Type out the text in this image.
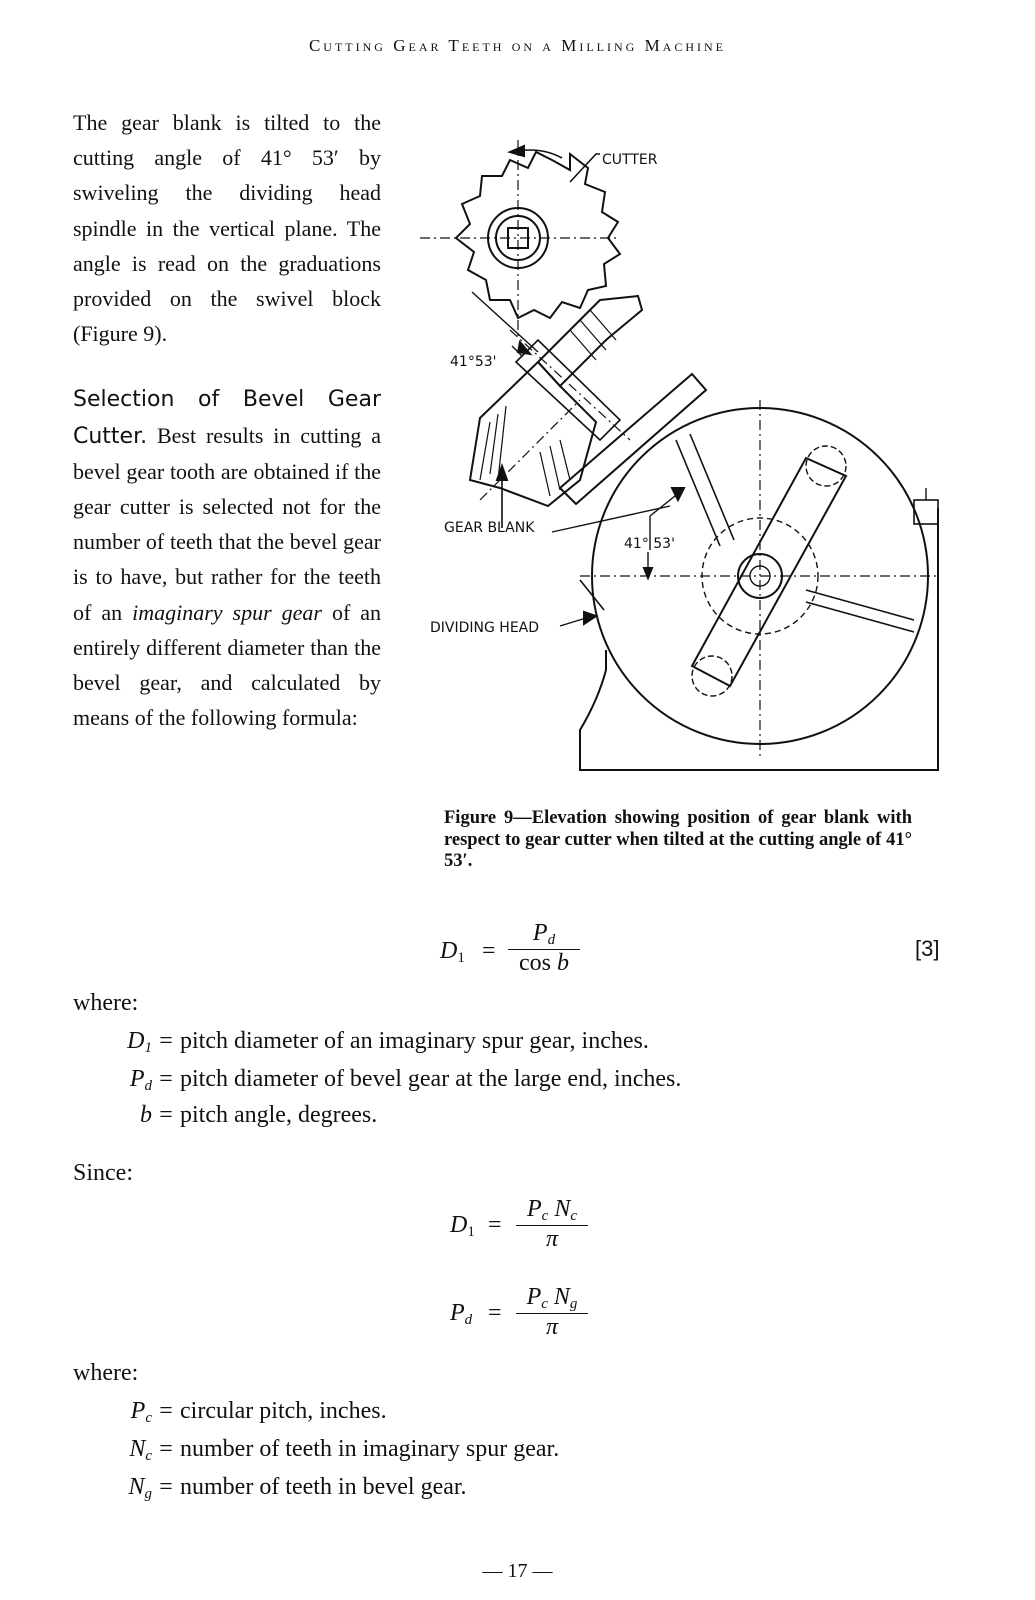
Cutting Gear Teeth on a Milling Machine

The gear blank is tilted to the cutting angle of 41° 53′ by swiveling the dividing head spindle in the vertical plane. The angle is read on the graduations provided on the swivel block (Figure 9).

Selection of Bevel Gear Cutter. Best results in cutting a bevel gear tooth are obtained if the gear cutter is selected not for the number of teeth that the bevel gear is to have, but rather for the teeth of an imaginary spur gear of an entirely different diameter than the bevel gear, and calculated by means of the following formula:

CUTTER
41°53'
GEAR BLANK
41° 53'
DIVIDING HEAD
Figure 9—Elevation showing position of gear blank with respect to gear cutter when tilted at the cutting angle of 41° 53′.
$D_1$ =
$P_d$
cos b
[3]
where:
$D_1$ = pitch diameter of an imaginary spur gear, inches.
$P_d$ = pitch diameter of bevel gear at the large end, inches.
b = pitch angle, degrees.
Since:
$D_1$ =
$P_c$ $N_c$
π
$P_d$ =
$P_c$ $N_g$
π
where:
$P_c$ = circular pitch, inches.
$N_c$ = number of teeth in imaginary spur gear.
$N_g$ = number of teeth in bevel gear.
— 17 —
